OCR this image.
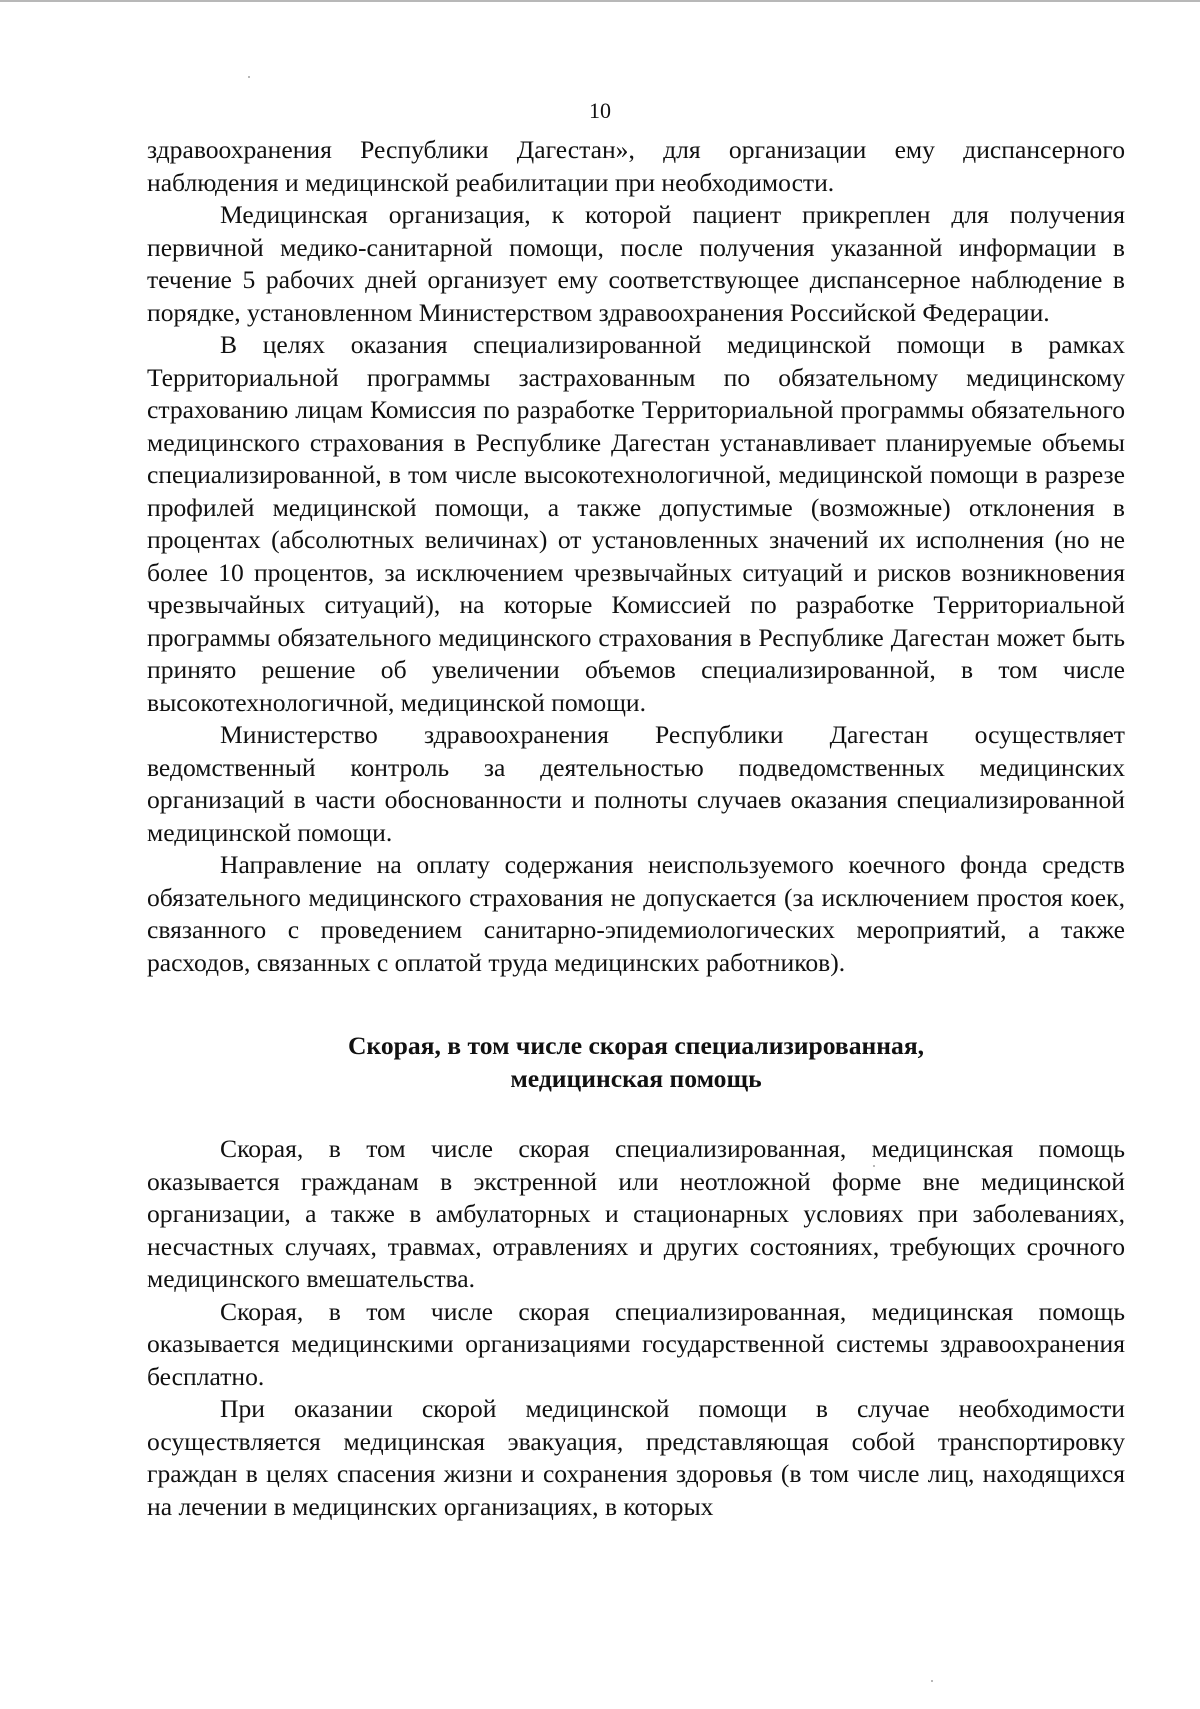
10

здравоохранения Республики Дагестан», для организации ему диспансерного наблюдения и медицинской реабилитации при необходимости.

Медицинская организация, к которой пациент прикреплен для получения первичной медико-санитарной помощи, после получения указанной информации в течение 5 рабочих дней организует ему соответствующее диспансерное наблюдение в порядке, установленном Министерством здравоохранения Российской Федерации.

В целях оказания специализированной медицинской помощи в рамках Территориальной программы застрахованным по обязательному медицинскому страхованию лицам Комиссия по разработке Территориальной программы обязательного медицинского страхования в Республике Дагестан устанавливает планируемые объемы специализированной, в том числе высокотехнологичной, медицинской помощи в разрезе профилей медицинской помощи, а также допустимые (возможные) отклонения в процентах (абсолютных величинах) от установленных значений их исполнения (но не более 10 процентов, за исключением чрезвычайных ситуаций и рисков возникновения чрезвычайных ситуаций), на которые Комиссией по разработке Территориальной программы обязательного медицинского страхования в Республике Дагестан может быть принято решение об увеличении объемов специализированной, в том числе высокотехнологичной, медицинской помощи.

Министерство здравоохранения Республики Дагестан осуществляет ведомственный контроль за деятельностью подведомственных медицинских организаций в части обоснованности и полноты случаев оказания специализированной медицинской помощи.

Направление на оплату содержания неиспользуемого коечного фонда средств обязательного медицинского страхования не допускается (за исключением простоя коек, связанного с проведением санитарно-эпидемиологических мероприятий, а также расходов, связанных с оплатой труда медицинских работников).

Скорая, в том числе скорая специализированная,
медицинская помощь

Скорая, в том числе скорая специализированная, медицинская помощь оказывается гражданам в экстренной или неотложной форме вне медицинской организации, а также в амбулаторных и стационарных условиях при заболеваниях, несчастных случаях, травмах, отравлениях и других состояниях, требующих срочного медицинского вмешательства.

Скорая, в том числе скорая специализированная, медицинская помощь оказывается медицинскими организациями государственной системы здравоохранения бесплатно.

При оказании скорой медицинской помощи в случае необходимости осуществляется медицинская эвакуация, представляющая собой транспортировку граждан в целях спасения жизни и сохранения здоровья (в том числе лиц, находящихся на лечении в медицинских организациях, в которых
